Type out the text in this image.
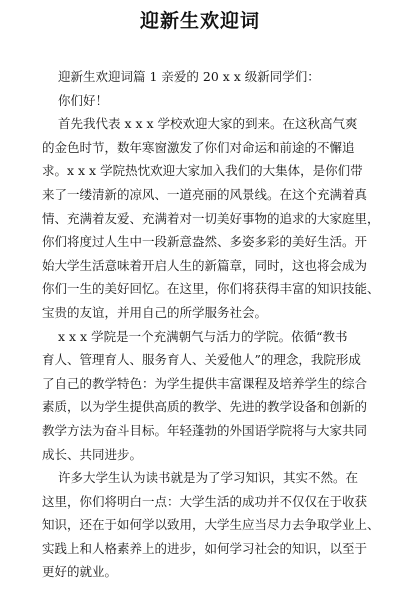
迎新生欢迎词
迎新生欢迎词篇 1 亲爱的 20 x x 级新同学们：
你们好！
首先我代表 x x x 学校欢迎大家的到来。在这秋高气爽
的金色时节，数年寒窗激发了你们对命运和前途的不懈追
求。x x x 学院热忱欢迎大家加入我们的大集体，是你们带
来了一缕清新的凉风、一道亮丽的风景线。在这个充满着真
情、充满着友爱、充满着对一切美好事物的追求的大家庭里，
你们将度过人生中一段新意盎然、多姿多彩的美好生活。开
始大学生活意味着开启人生的新篇章，同时，这也将会成为
你们一生的美好回忆。在这里，你们将获得丰富的知识技能、
宝贵的友谊，并用自己的所学服务社会。
x x x 学院是一个充满朝气与活力的学院。依循“教书
育人、管理育人、服务育人、关爱他人”的理念，我院形成
了自己的教学特色：为学生提供丰富课程及培养学生的综合
素质，以为学生提供高质的教学、先进的教学设备和创新的
教学方法为奋斗目标。年轻蓬勃的外国语学院将与大家共同
成长、共同进步。
许多大学生认为读书就是为了学习知识，其实不然。在
这里，你们将明白一点：大学生活的成功并不仅仅在于收获
知识，还在于如何学以致用，大学生应当尽力去争取学业上、
实践上和人格素养上的进步，如何学习社会的知识，以至于
更好的就业。
